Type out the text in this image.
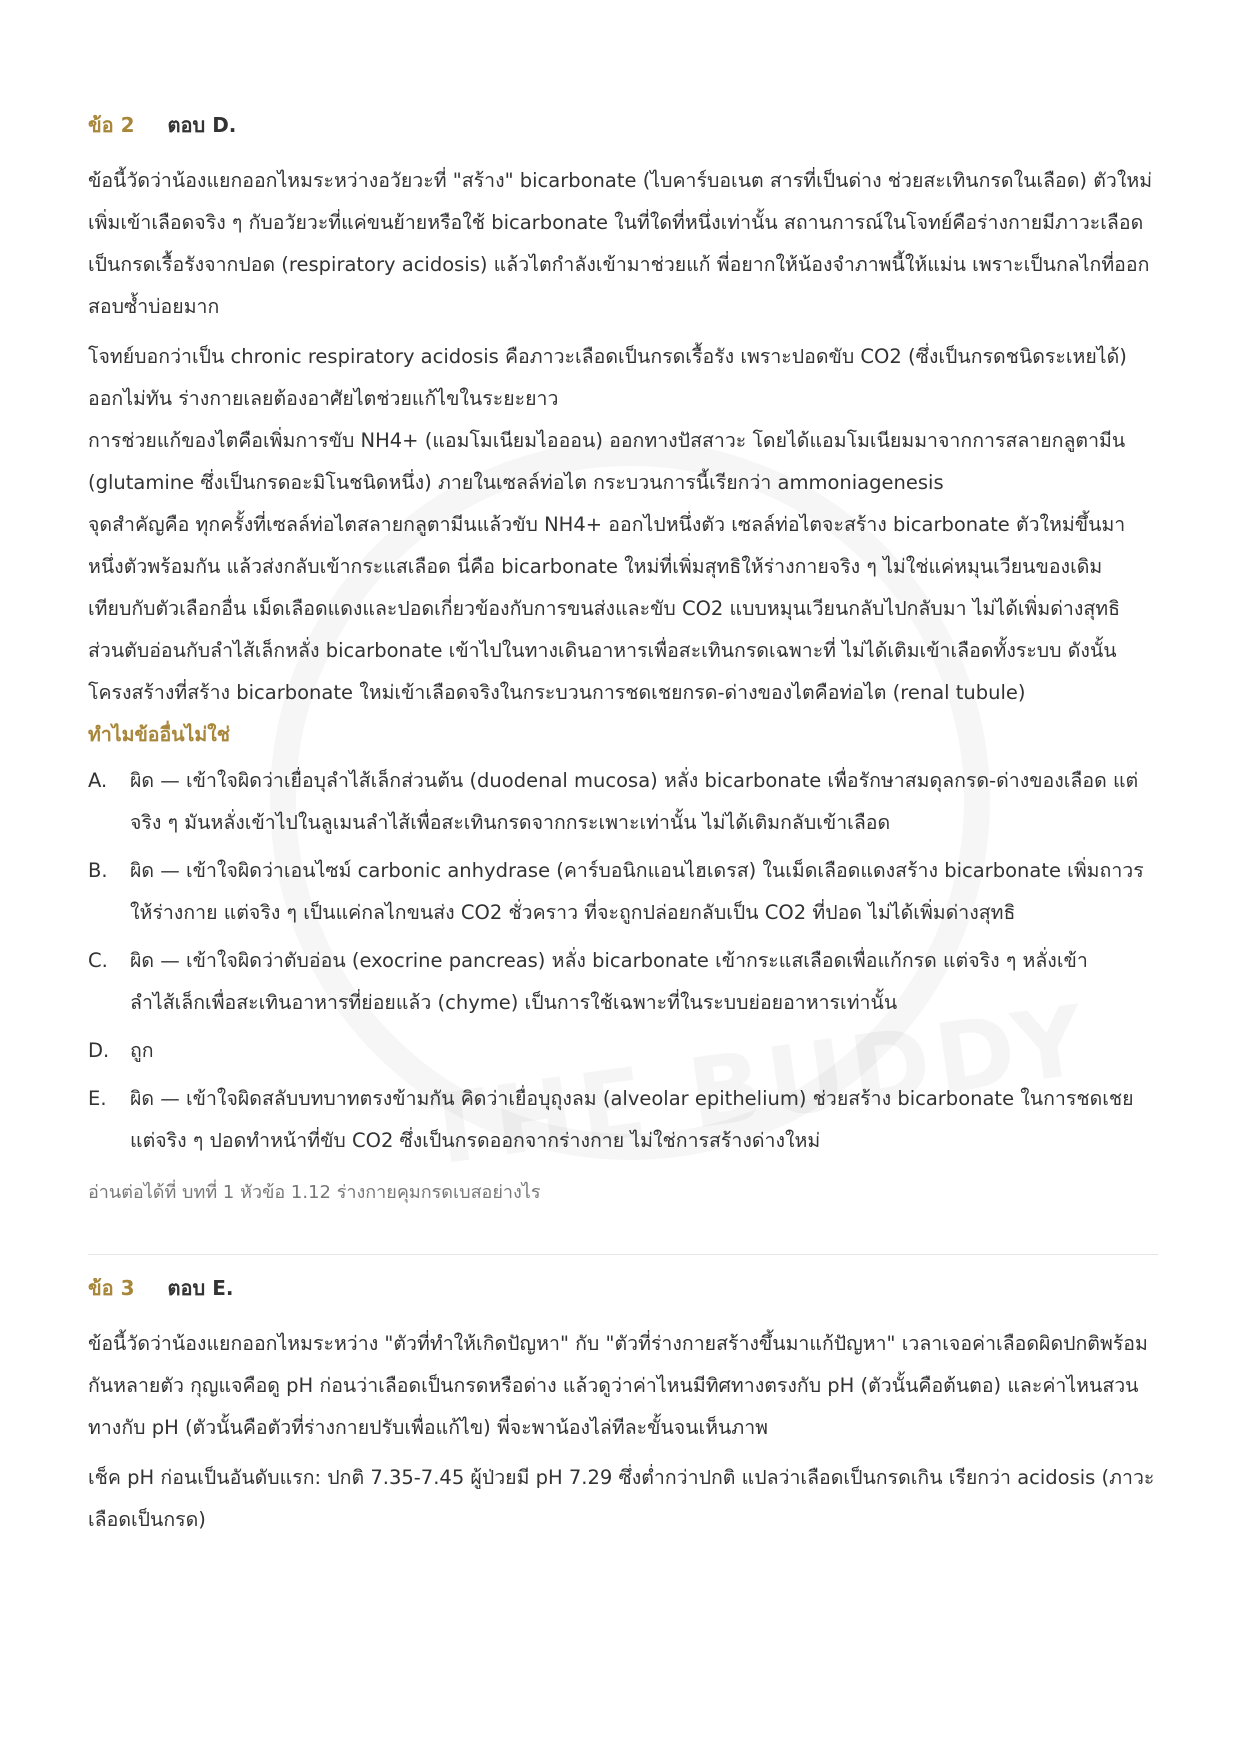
ข้อ 2 ตอบ D.

ข้อนี้วัดว่าน้องแยกออกไหมระหว่างอวัยวะที่ "สร้าง" bicarbonate (ไบคาร์บอเนต สารที่เป็นด่าง ช่วยสะเทินกรดในเลือด) ตัวใหม่เพิ่มเข้าเลือดจริง ๆ กับอวัยวะที่แค่ขนย้ายหรือใช้ bicarbonate ในที่ใดที่หนึ่งเท่านั้น สถานการณ์ในโจทย์คือร่างกายมีภาวะเลือดเป็นกรดเรื้อรังจากปอด (respiratory acidosis) แล้วไตกำลังเข้ามาช่วยแก้ พี่อยากให้น้องจำภาพนี้ให้แม่น เพราะเป็นกลไกที่ออกสอบซ้ำบ่อยมาก

โจทย์บอกว่าเป็น chronic respiratory acidosis คือภาวะเลือดเป็นกรดเรื้อรัง เพราะปอดขับ CO2 (ซึ่งเป็นกรดชนิดระเหยได้) ออกไม่ทัน ร่างกายเลยต้องอาศัยไตช่วยแก้ไขในระยะยาว

การช่วยแก้ของไตคือเพิ่มการขับ NH4+ (แอมโมเนียมไอออน) ออกทางปัสสาวะ โดยได้แอมโมเนียมมาจากการสลายกลูตามีน (glutamine ซึ่งเป็นกรดอะมิโนชนิดหนึ่ง) ภายในเซลล์ท่อไต กระบวนการนี้เรียกว่า ammoniagenesis

จุดสำคัญคือ ทุกครั้งที่เซลล์ท่อไตสลายกลูตามีนแล้วขับ NH4+ ออกไปหนึ่งตัว เซลล์ท่อไตจะสร้าง bicarbonate ตัวใหม่ขึ้นมาหนึ่งตัวพร้อมกัน แล้วส่งกลับเข้ากระแสเลือด นี่คือ bicarbonate ใหม่ที่เพิ่มสุทธิให้ร่างกายจริง ๆ ไม่ใช่แค่หมุนเวียนของเดิม

เทียบกับตัวเลือกอื่น เม็ดเลือดแดงและปอดเกี่ยวข้องกับการขนส่งและขับ CO2 แบบหมุนเวียนกลับไปกลับมา ไม่ได้เพิ่มด่างสุทธิ ส่วนตับอ่อนกับลำไส้เล็กหลั่ง bicarbonate เข้าไปในทางเดินอาหารเพื่อสะเทินกรดเฉพาะที่ ไม่ได้เติมเข้าเลือดทั้งระบบ ดังนั้นโครงสร้างที่สร้าง bicarbonate ใหม่เข้าเลือดจริงในกระบวนการชดเชยกรด-ด่างของไตคือท่อไต (renal tubule)

ทำไมข้ออื่นไม่ใช่
A.	ผิด — เข้าใจผิดว่าเยื่อบุลำไส้เล็กส่วนต้น (duodenal mucosa) หลั่ง bicarbonate เพื่อรักษาสมดุลกรด-ด่างของเลือด แต่จริง ๆ มันหลั่งเข้าไปในลูเมนลำไส้เพื่อสะเทินกรดจากกระเพาะเท่านั้น ไม่ได้เติมกลับเข้าเลือด
B.	ผิด — เข้าใจผิดว่าเอนไซม์ carbonic anhydrase (คาร์บอนิกแอนไฮเดรส) ในเม็ดเลือดแดงสร้าง bicarbonate เพิ่มถาวรให้ร่างกาย แต่จริง ๆ เป็นแค่กลไกขนส่ง CO2 ชั่วคราว ที่จะถูกปล่อยกลับเป็น CO2 ที่ปอด ไม่ได้เพิ่มด่างสุทธิ
C.	ผิด — เข้าใจผิดว่าตับอ่อน (exocrine pancreas) หลั่ง bicarbonate เข้ากระแสเลือดเพื่อแก้กรด แต่จริง ๆ หลั่งเข้าลำไส้เล็กเพื่อสะเทินอาหารที่ย่อยแล้ว (chyme) เป็นการใช้เฉพาะที่ในระบบย่อยอาหารเท่านั้น
D.	ถูก
E.	ผิด — เข้าใจผิดสลับบทบาทตรงข้ามกัน คิดว่าเยื่อบุถุงลม (alveolar epithelium) ช่วยสร้าง bicarbonate ในการชดเชย แต่จริง ๆ ปอดทำหน้าที่ขับ CO2 ซึ่งเป็นกรดออกจากร่างกาย ไม่ใช่การสร้างด่างใหม่
อ่านต่อได้ที่ บทที่ 1 หัวข้อ 1.12 ร่างกายคุมกรดเบสอย่างไร
ข้อ 3 ตอบ E.

ข้อนี้วัดว่าน้องแยกออกไหมระหว่าง "ตัวที่ทำให้เกิดปัญหา" กับ "ตัวที่ร่างกายสร้างขึ้นมาแก้ปัญหา" เวลาเจอค่าเลือดผิดปกติพร้อมกันหลายตัว กุญแจคือดู pH ก่อนว่าเลือดเป็นกรดหรือด่าง แล้วดูว่าค่าไหนมีทิศทางตรงกับ pH (ตัวนั้นคือต้นตอ) และค่าไหนสวนทางกับ pH (ตัวนั้นคือตัวที่ร่างกายปรับเพื่อแก้ไข) พี่จะพาน้องไล่ทีละขั้นจนเห็นภาพ

เช็ค pH ก่อนเป็นอันดับแรก: ปกติ 7.35-7.45 ผู้ป่วยมี pH 7.29 ซึ่งต่ำกว่าปกติ แปลว่าเลือดเป็นกรดเกิน เรียกว่า acidosis (ภาวะเลือดเป็นกรด)
